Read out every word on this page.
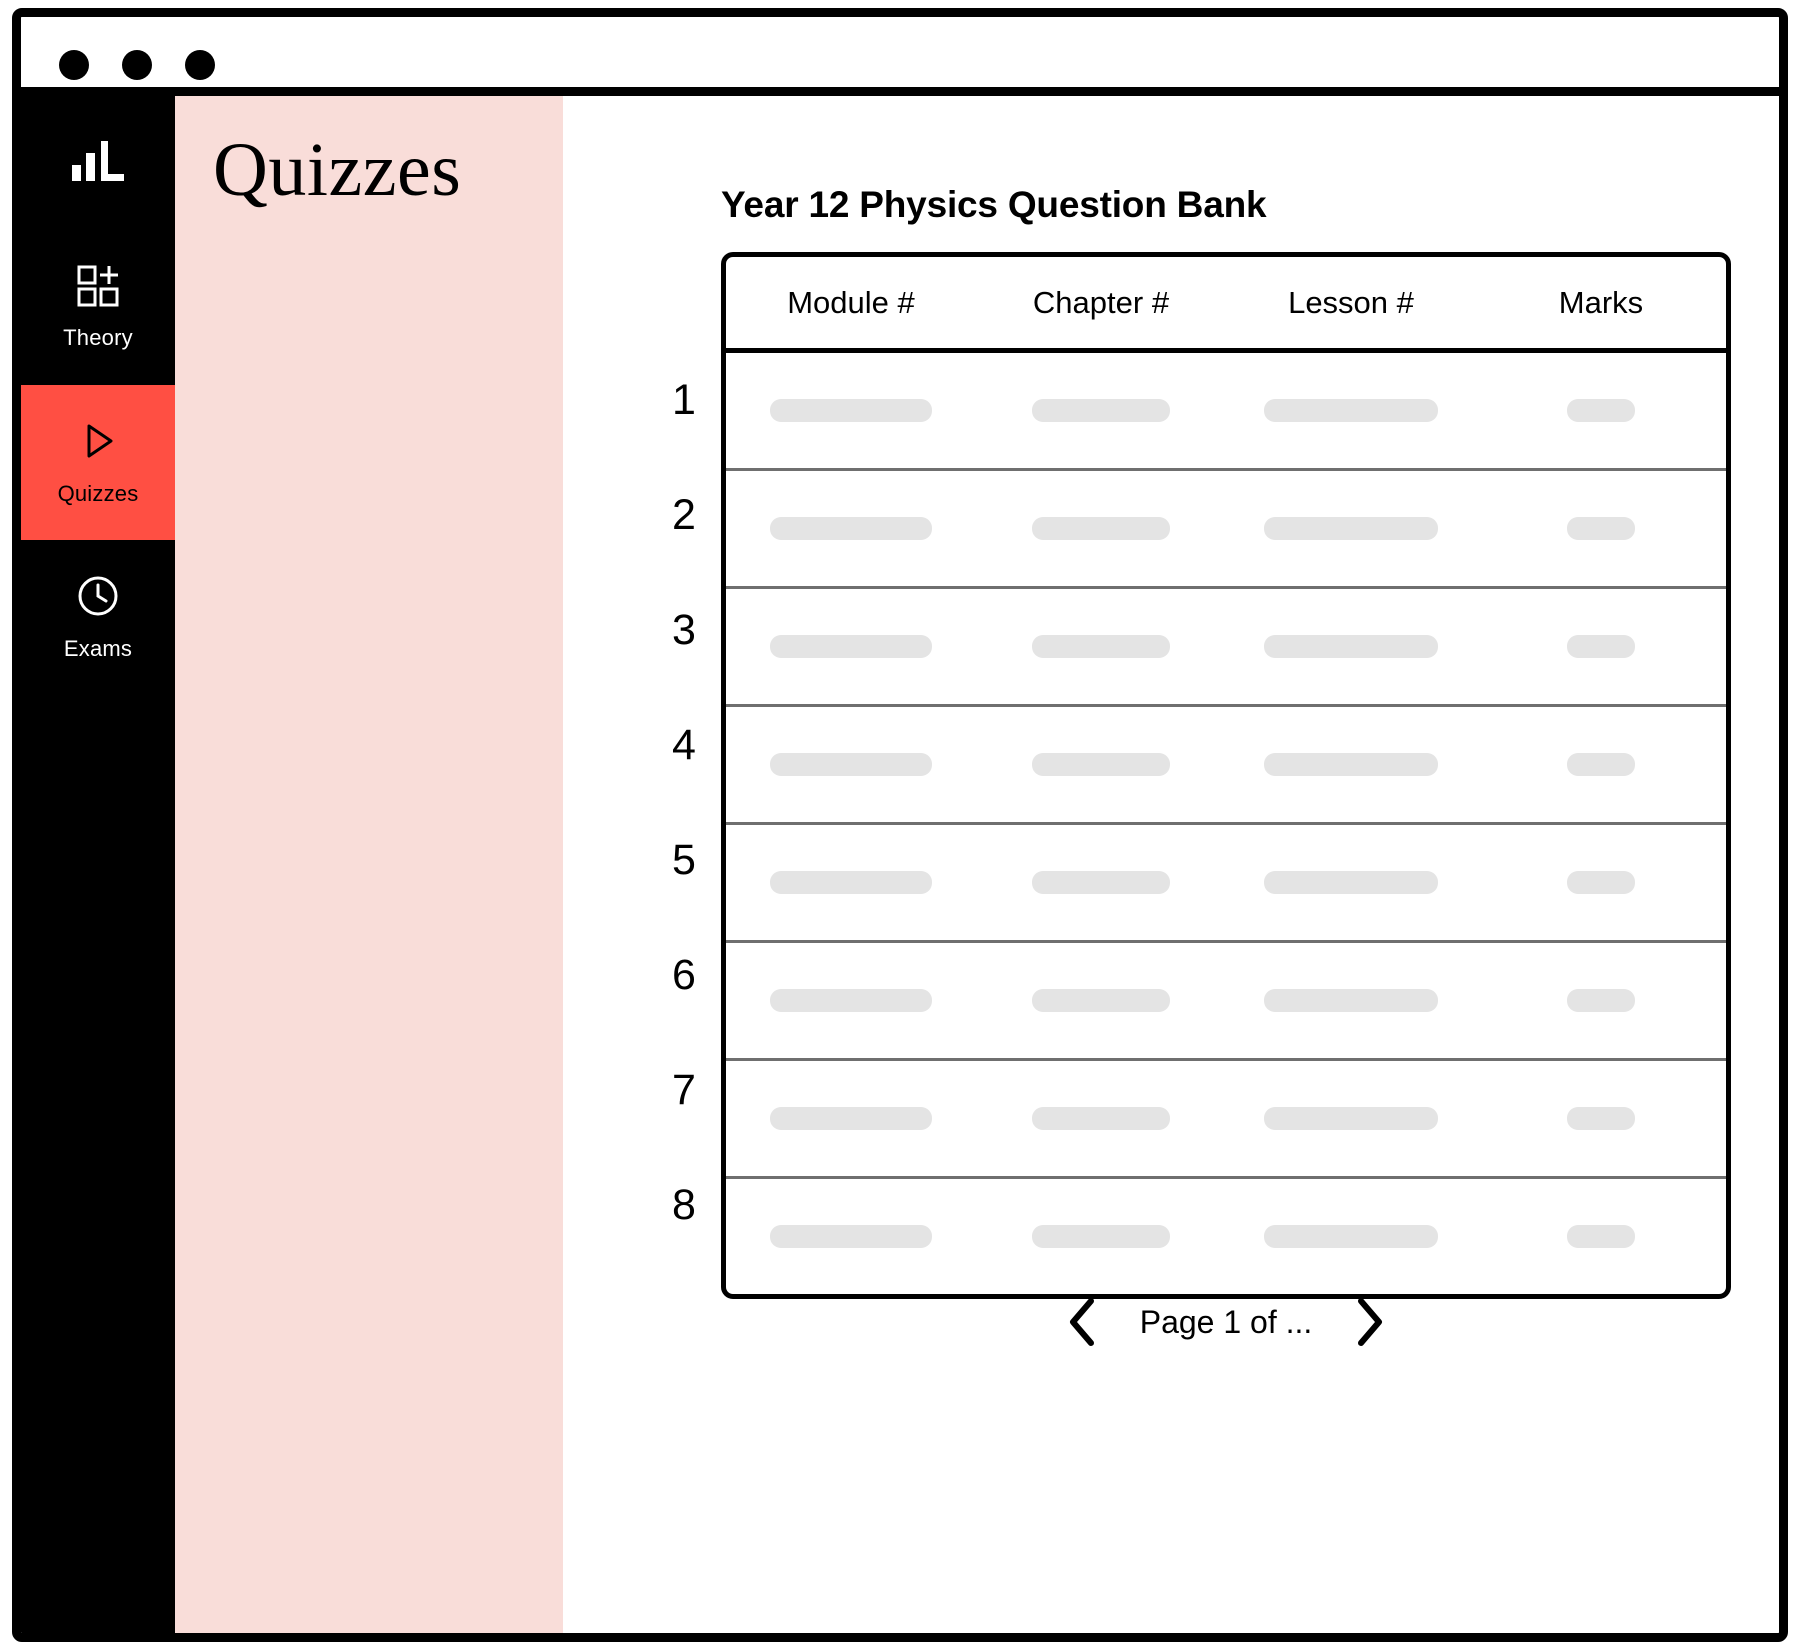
Theory
Quizzes
Exams
Quizzes	Year 12 Physics Question Bank
1
2
3
4
5
6
7
8
Module #	Chapter #	Lesson #	Marks
Page 1 of ...
